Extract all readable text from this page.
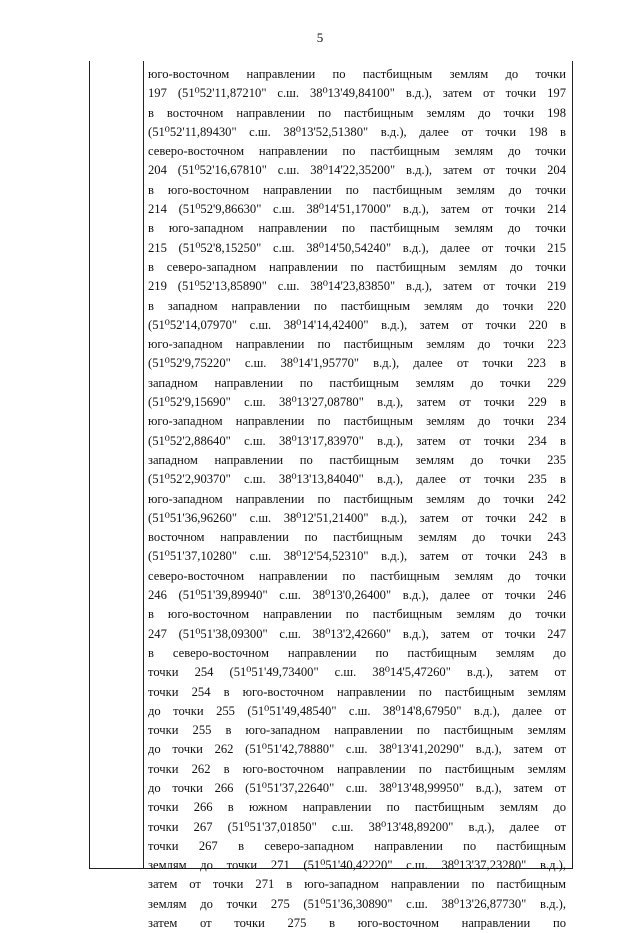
5
юго-восточном направлении по пастбищным землям до точки
197 (51⁰52'11,87210" с.ш. 38⁰13'49,84100" в.д.), затем от точки 197
в восточном направлении по пастбищным землям до точки 198
(51⁰52'11,89430" с.ш. 38⁰13'52,51380" в.д.), далее от точки 198 в
северо-восточном направлении по пастбищным землям до точки
204 (51⁰52'16,67810" с.ш. 38⁰14'22,35200" в.д.), затем от точки 204
в юго-восточном направлении по пастбищным землям до точки
214 (51⁰52'9,86630" с.ш. 38⁰14'51,17000" в.д.), затем от точки 214
в юго-западном направлении по пастбищным землям до точки
215 (51⁰52'8,15250" с.ш. 38⁰14'50,54240" в.д.), далее от точки 215
в северо-западном направлении по пастбищным землям до точки
219 (51⁰52'13,85890" с.ш. 38⁰14'23,83850" в.д.), затем от точки 219
в западном направлении по пастбищным землям до точки 220
(51⁰52'14,07970" с.ш. 38⁰14'14,42400" в.д.), затем от точки 220 в
юго-западном направлении по пастбищным землям до точки 223
(51⁰52'9,75220" с.ш. 38⁰14'1,95770" в.д.), далее от точки 223 в
западном направлении по пастбищным землям до точки 229
(51⁰52'9,15690" с.ш. 38⁰13'27,08780" в.д.), затем от точки 229 в
юго-западном направлении по пастбищным землям до точки 234
(51⁰52'2,88640" с.ш. 38⁰13'17,83970" в.д.), затем от точки 234 в
западном направлении по пастбищным землям до точки 235
(51⁰52'2,90370" с.ш. 38⁰13'13,84040" в.д.), далее от точки 235 в
юго-западном направлении по пастбищным землям до точки 242
(51⁰51'36,96260" с.ш. 38⁰12'51,21400" в.д.), затем от точки 242 в
восточном направлении по пастбищным землям до точки 243
(51⁰51'37,10280" с.ш. 38⁰12'54,52310" в.д.), затем от точки 243 в
северо-восточном направлении по пастбищным землям до точки
246 (51⁰51'39,89940" с.ш. 38⁰13'0,26400" в.д.), далее от точки 246
в юго-восточном направлении по пастбищным землям до точки
247 (51⁰51'38,09300" с.ш. 38⁰13'2,42660" в.д.), затем от точки 247
в северо-восточном направлении по пастбищным землям до
точки 254 (51⁰51'49,73400" с.ш. 38⁰14'5,47260" в.д.), затем от
точки 254 в юго-восточном направлении по пастбищным землям
до точки 255 (51⁰51'49,48540" с.ш. 38⁰14'8,67950" в.д.), далее от
точки 255 в юго-западном направлении по пастбищным землям
до точки 262 (51⁰51'42,78880" с.ш. 38⁰13'41,20290" в.д.), затем от
точки 262 в юго-восточном направлении по пастбищным землям
до точки 266 (51⁰51'37,22640" с.ш. 38⁰13'48,99950" в.д.), затем от
точки 266 в южном направлении по пастбищным землям до
точки 267 (51⁰51'37,01850" с.ш. 38⁰13'48,89200" в.д.), далее от
точки 267 в северо-западном направлении по пастбищным
землям до точки 271 (51⁰51'40,42220" с.ш. 38⁰13'37,23280" в.д.),
затем от точки 271 в юго-западном направлении по пастбищным
землям до точки 275 (51⁰51'36,30890" с.ш. 38⁰13'26,87730" в.д.),
затем от точки 275 в юго-восточном направлении по
